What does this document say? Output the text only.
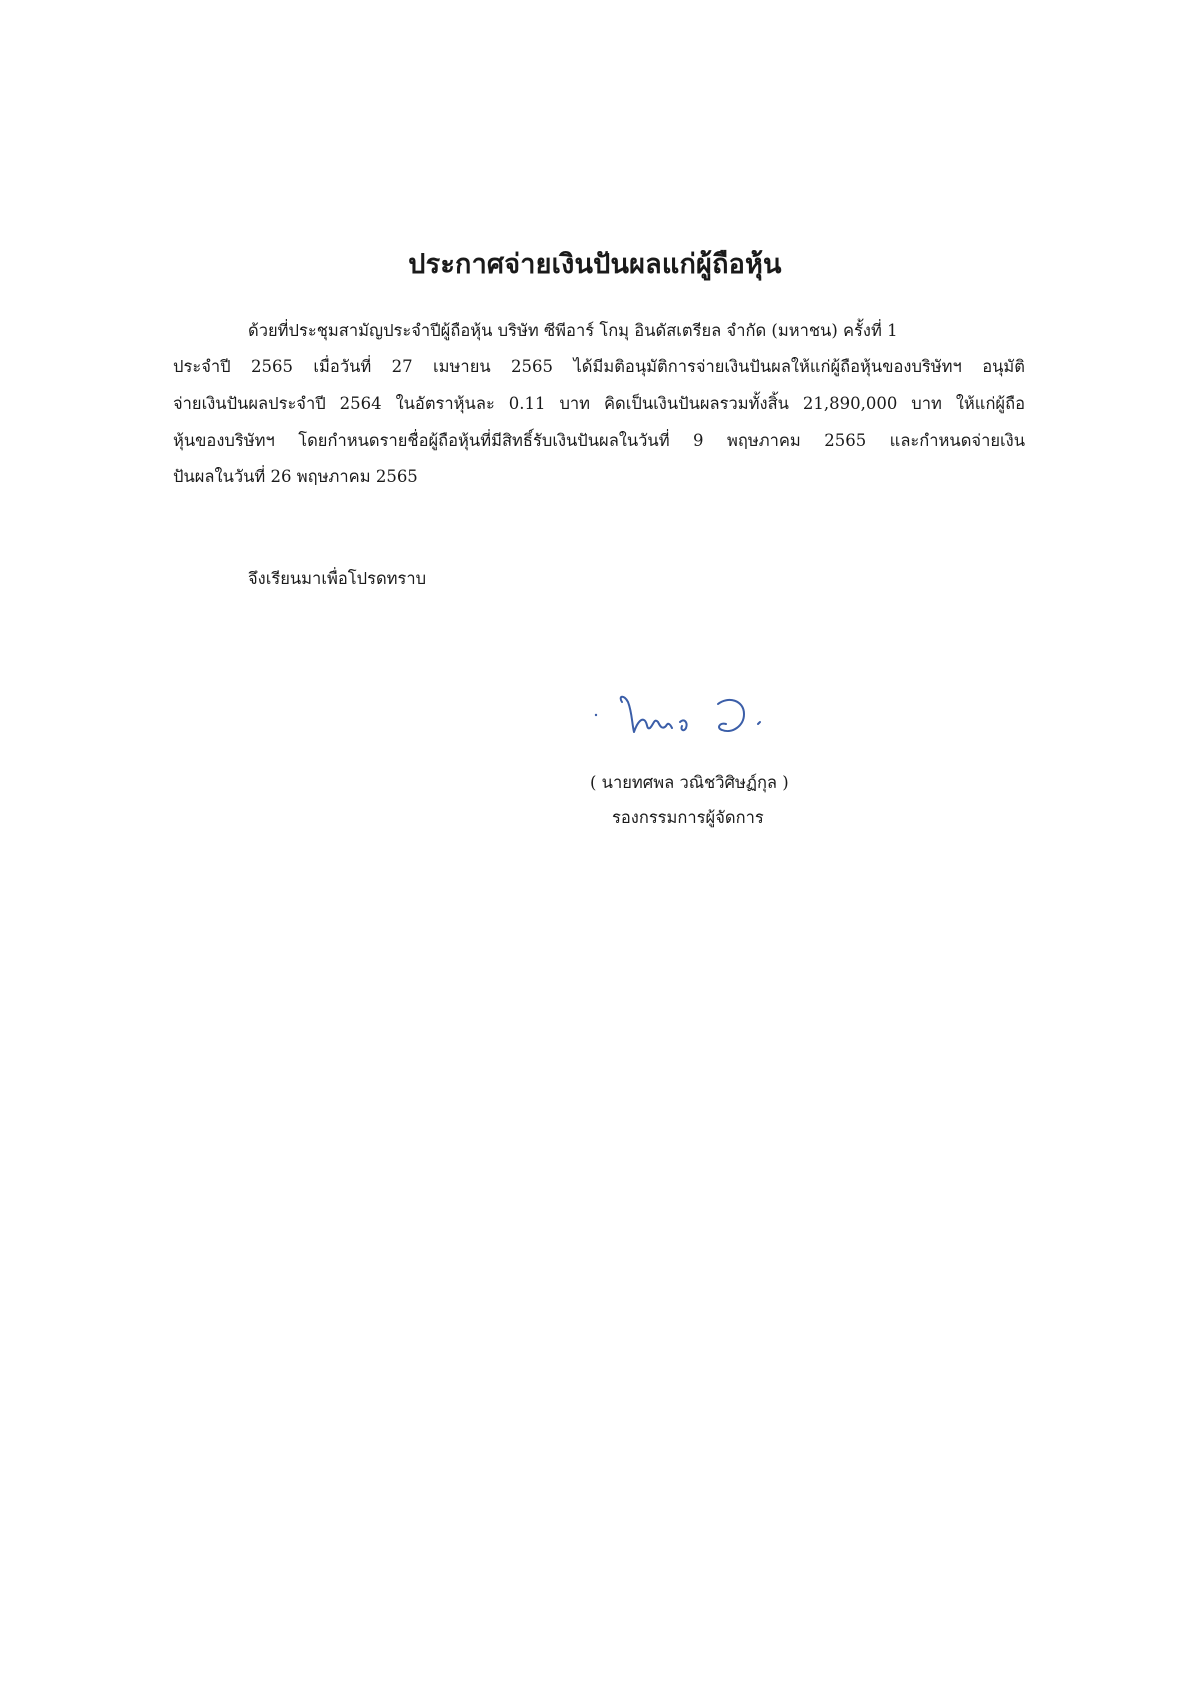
ประกาศจ่ายเงินปันผลแก่ผู้ถือหุ้น
ด้วยที่ประชุมสามัญประจำปีผู้ถือหุ้น บริษัท ซีพีอาร์ โกมุ อินดัสเตรียล จำกัด (มหาชน) ครั้งที่ 1
ประจำปี 2565 เมื่อวันที่ 27 เมษายน 2565 ได้มีมติอนุมัติการจ่ายเงินปันผลให้แก่ผู้ถือหุ้นของบริษัทฯ อนุมัติ
จ่ายเงินปันผลประจำปี 2564 ในอัตราหุ้นละ 0.11 บาท คิดเป็นเงินปันผลรวมทั้งสิ้น 21,890,000 บาท ให้แก่ผู้ถือ
หุ้นของบริษัทฯ โดยกำหนดรายชื่อผู้ถือหุ้นที่มีสิทธิ์รับเงินปันผลในวันที่ 9 พฤษภาคม 2565 และกำหนดจ่ายเงิน
ปันผลในวันที่ 26 พฤษภาคม 2565
จึงเรียนมาเพื่อโปรดทราบ
( นายทศพล วณิชวิศิษฏ์กุล )
รองกรรมการผู้จัดการ
